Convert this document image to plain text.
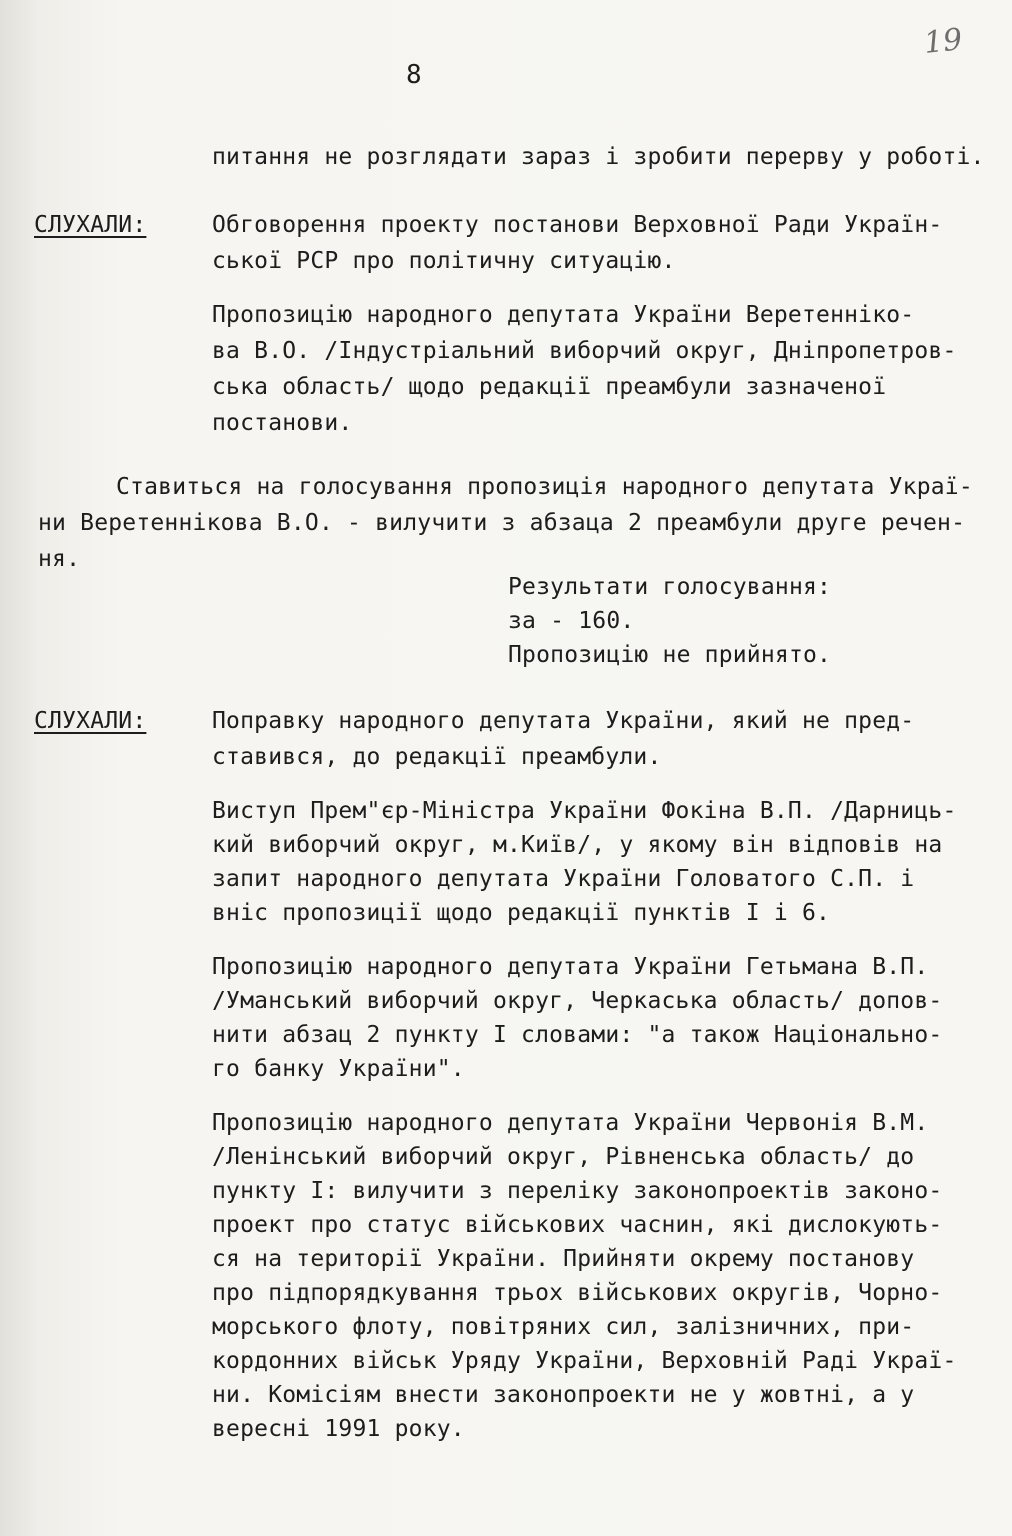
8
19
питання не розглядати зараз і зробити перерву у роботі.
СЛУХАЛИ:	Обговорення проекту постанови Верховної Ради Україн-
ської РСР про політичну ситуацію.
Пропозицію народного депутата України Веретеннікo-
ва В.О. /Індустріальний виборчий округ, Дніпропетров-
ська область/ щодо редакції преамбули зазначеної
постанови.
Ставиться на голосування пропозиція народного депутата Украї-
ни Веретеннікова В.О. - вилучити з абзаца 2 преамбули друге речен-
ня.
Результати голосування:
за - 160.
Пропозицію не прийнято.
СЛУХАЛИ:	Поправку народного депутата України, який не пред-
ставився, до редакції преамбули.
Виступ Прем"єр-Міністра України Фокіна В.П. /Дарниць-
кий виборчий округ, м.Київ/, у якому він відповів на
запит народного депутата України Головатого С.П. і
вніс пропозиції щодо редакції пунктів І і 6.
Пропозицію народного депутата України Гетьмана В.П.
/Уманський виборчий округ, Черкаська область/ допов-
нити абзац 2 пункту І словами: "а також Національно-
го банку України".
Пропозицію народного депутата України Червонія В.М.
/Ленінський виборчий округ, Рівненська область/ до
пункту І: вилучити з переліку законопроектів законо-
проект про статус військових часнин, які дислокують-
ся на території України. Прийняти окрему постанову
про підпорядкування трьох військових округів, Чорно-
морського флоту, повітряних сил, залізничних, при-
кордонних військ Уряду України, Верховній Раді Украї-
ни. Комісіям внести законопроекти не у жовтні, а у
вересні 1991 року.
